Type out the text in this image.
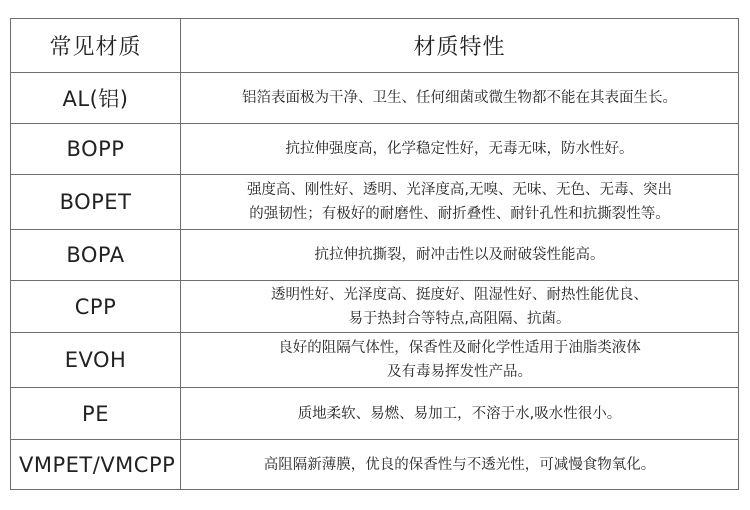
常见材质	材质特性
AL(铝)	铝箔表面极为干净、卫生、任何细菌或微生物都不能在其表面生长。

BOPP	抗拉伸强度高，化学稳定性好，无毒无味，防水性好。

BOPET	强度高、刚性好、透明、光泽度高,无嗅、无味、无色、无毒、突出
的强韧性；有极好的耐磨性、耐折叠性、耐针孔性和抗撕裂性等。

BOPA	抗拉伸抗撕裂，耐冲击性以及耐破袋性能高。

CPP	透明性好、光泽度高、挺度好、阻湿性好、耐热性能优良、
易于热封合等特点,高阻隔、抗菌。

EVOH	良好的阻隔气体性，保香性及耐化学性适用于油脂类液体
及有毒易挥发性产品。

PE	质地柔软、易燃、易加工，不溶于水,吸水性很小。

VMPET/VMCPP	高阻隔新薄膜，优良的保香性与不透光性，可减慢食物氧化。
